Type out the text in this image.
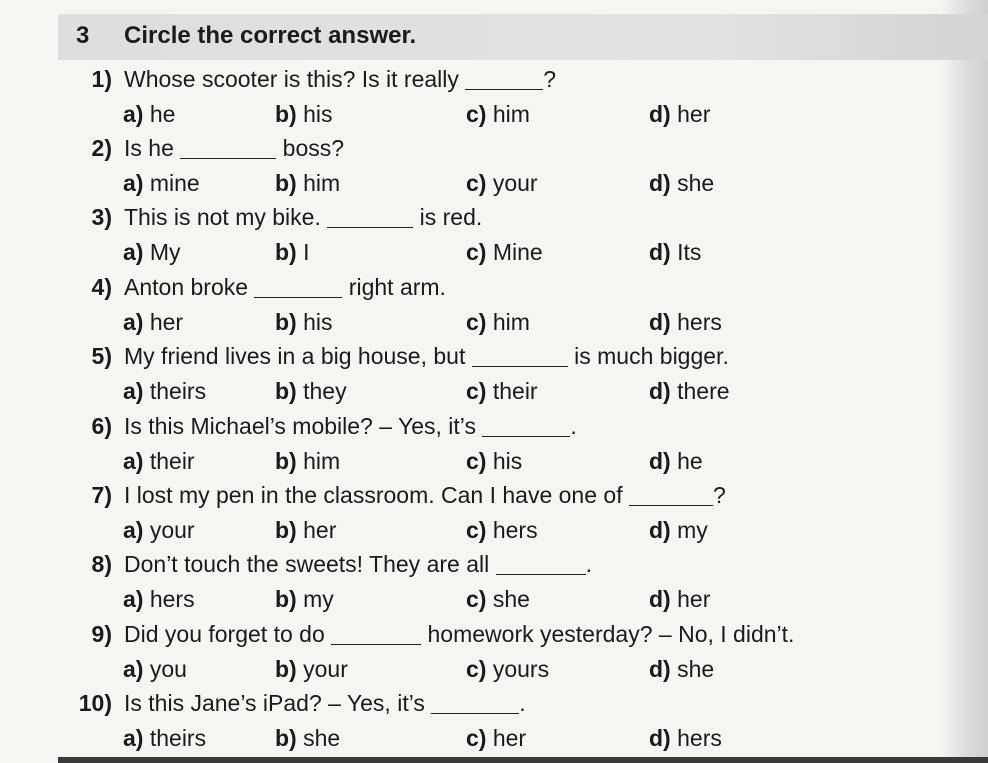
3 Circle the correct answer.
1) Whose scooter is this? Is it really	?
a) he	b) his	c) him	d) her
2) Is he	boss?
a) mine	b) him	c) your	d) she
3) This is not my bike.	is red.
a) My	b) I	c) Mine	d) Its
4) Anton broke	right arm.
a) her	b) his	c) him	d) hers
5) My friend lives in a big house, but	is much bigger.
a) theirs	b) they	c) their	d) there
6) Is this Michael’s mobile? – Yes, it’s	.
a) their	b) him	c) his	d) he
7) I lost my pen in the classroom. Can I have one of	?
a) your	b) her	c) hers	d) my
8) Don’t touch the sweets! They are all	.
a) hers	b) my	c) she	d) her
9) Did you forget to do	homework yesterday? – No, I didn’t.
a) you	b) your	c) yours	d) she
10) Is this Jane’s iPad? – Yes, it’s	.
a) theirs	b) she	c) her	d) hers
